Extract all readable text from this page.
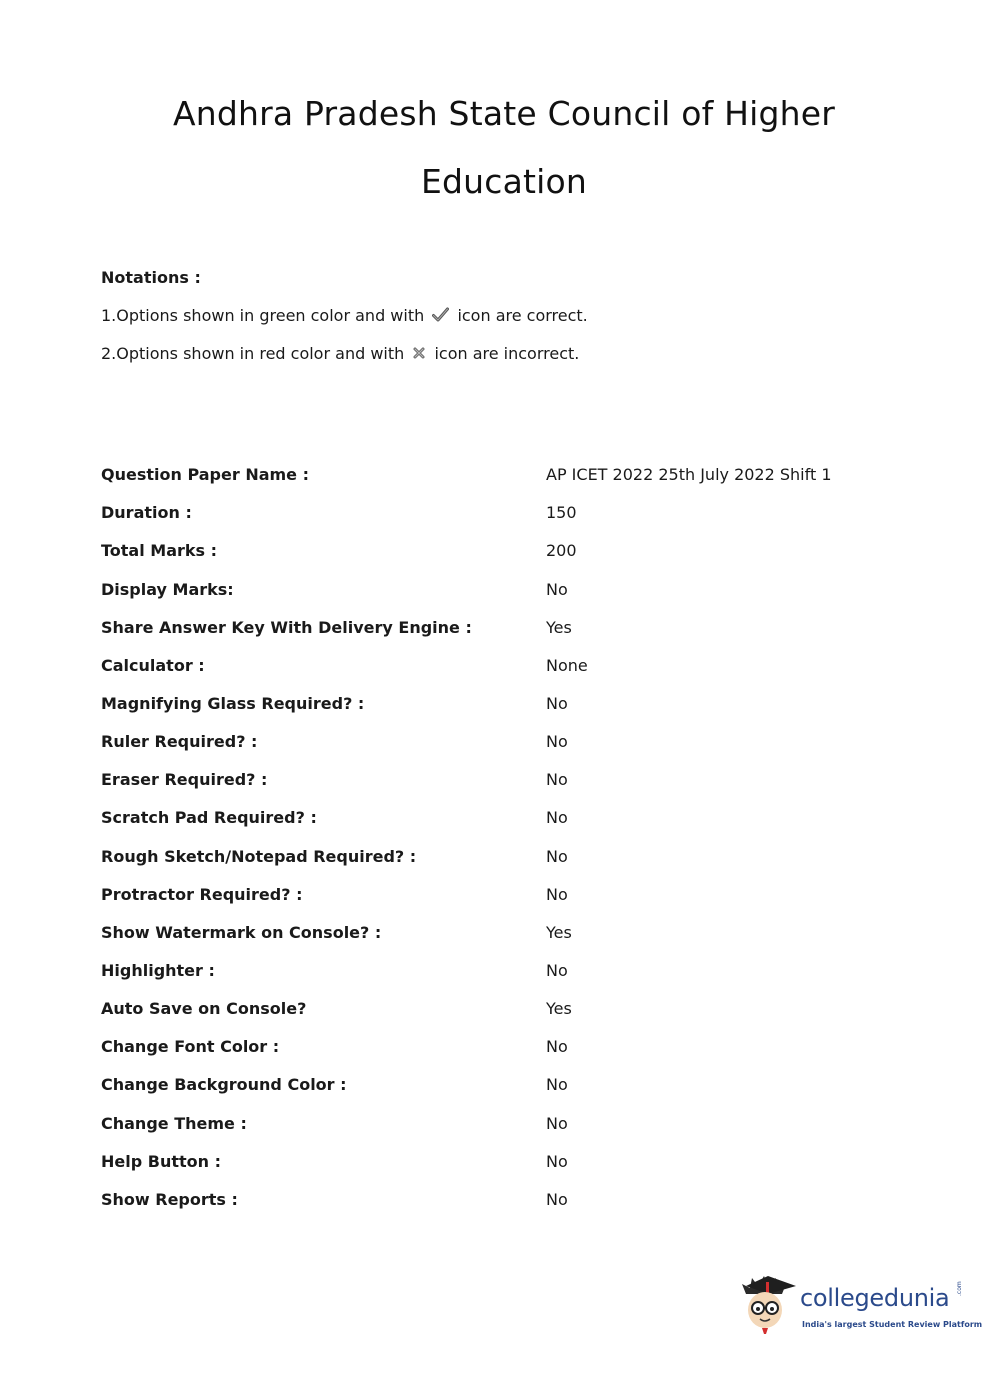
Andhra Pradesh State Council of Higher
Education

Notations :

1.Options shown in green color and with icon are correct.

2.Options shown in red color and with icon are incorrect.

Question Paper Name :	AP ICET 2022 25th July 2022 Shift 1
Duration :	150
Total Marks :	200
Display Marks:	No
Share Answer Key With Delivery Engine :	Yes
Calculator :	None
Magnifying Glass Required? :	No
Ruler Required? :	No
Eraser Required? :	No
Scratch Pad Required? :	No
Rough Sketch/Notepad Required? :	No
Protractor Required? :	No
Show Watermark on Console? :	Yes
Highlighter :	No
Auto Save on Console?	Yes
Change Font Color :	No
Change Background Color :	No
Change Theme :	No
Help Button :	No
Show Reports :	No
collegedunia .com
India's largest Student Review Platform
